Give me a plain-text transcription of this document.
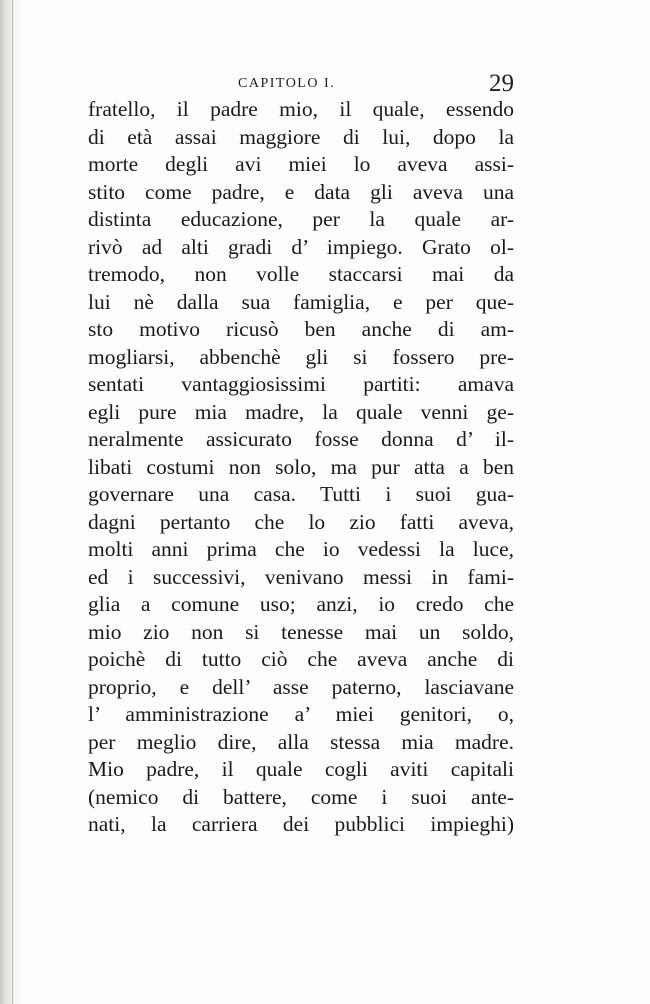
CAPITOLO I.	29
fratello, il padre mio, il quale, essendo
di età assai maggiore di lui, dopo la
morte degli avi miei lo aveva assi-
stito come padre, e data gli aveva una
distinta educazione, per la quale ar-
rivò ad alti gradi d’ impiego. Grato ol-
tremodo, non volle staccarsi mai da
lui nè dalla sua famiglia, e per que-
sto motivo ricusò ben anche di am-
mogliarsi, abbenchè gli si fossero pre-
sentati vantaggiosissimi partiti: amava
egli pure mia madre, la quale venni ge-
neralmente assicurato fosse donna d’ il-
libati costumi non solo, ma pur atta a ben
governare una casa. Tutti i suoi gua-
dagni pertanto che lo zio fatti aveva,
molti anni prima che io vedessi la luce,
ed i successivi, venivano messi in fami-
glia a comune uso; anzi, io credo che
mio zio non si tenesse mai un soldo,
poichè di tutto ciò che aveva anche di
proprio, e dell’ asse paterno, lasciavane
l’ amministrazione a’ miei genitori, o,
per meglio dire, alla stessa mia madre.
Mio padre, il quale cogli aviti capitali
(nemico di battere, come i suoi ante-
nati, la carriera dei pubblici impieghi)
